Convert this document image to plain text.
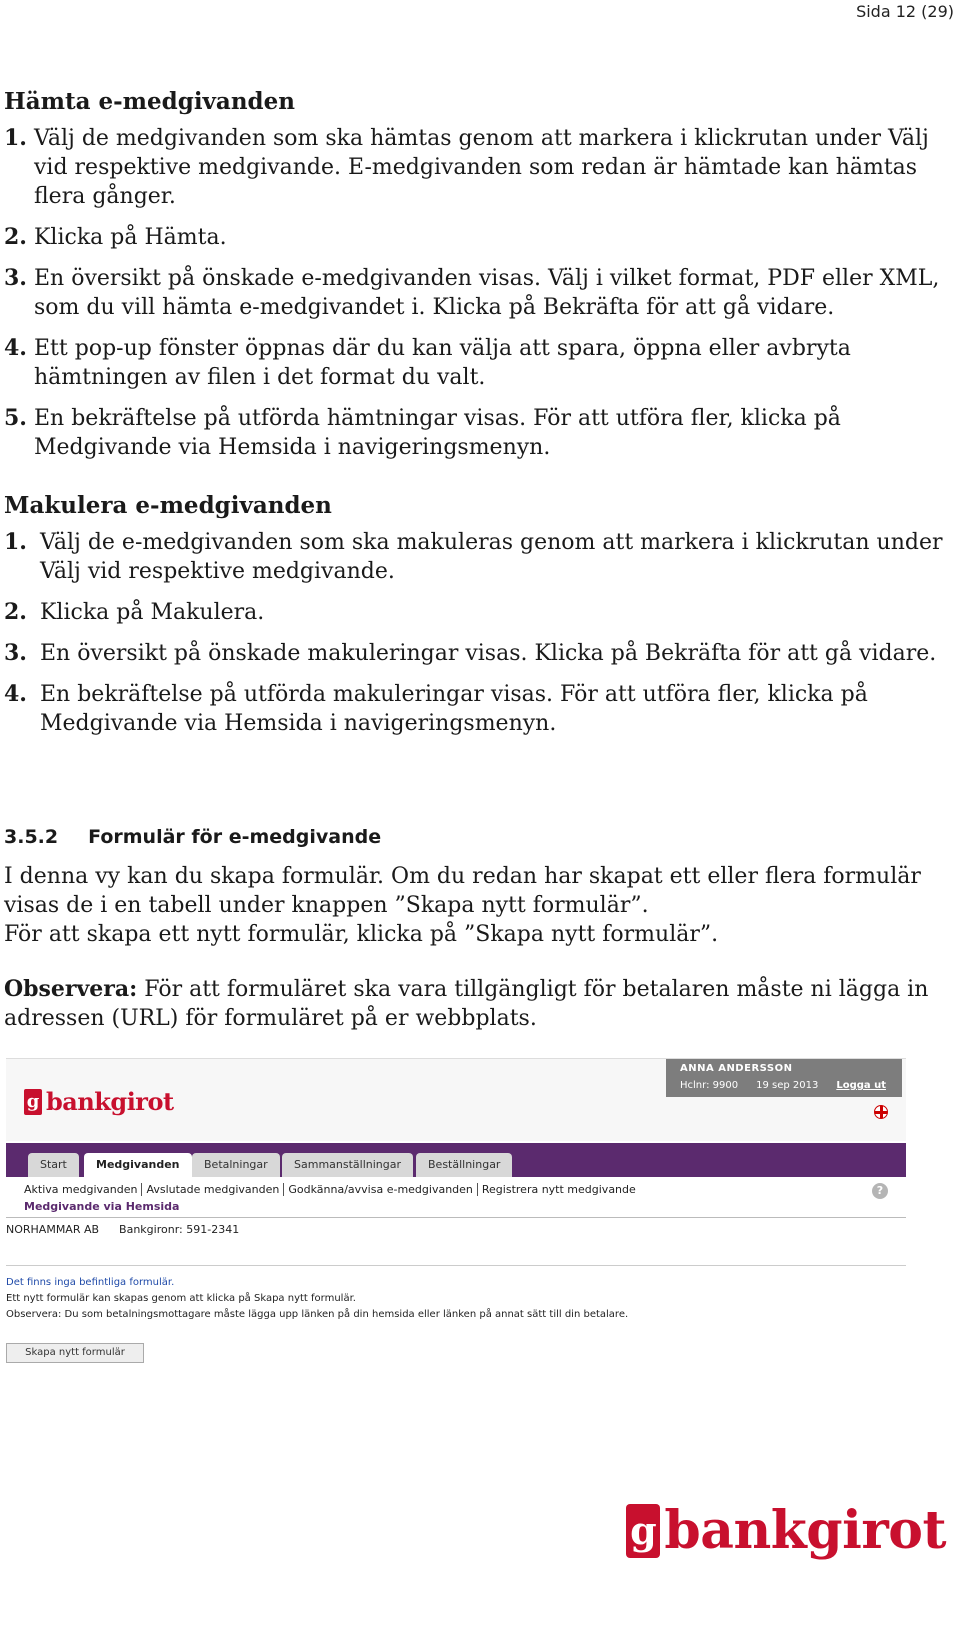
Sida 12 (29)
Hämta e-medgivanden
1. Välj de medgivanden som ska hämtas genom att markera i klickrutan under Välj vid respektive medgivande. E-medgivanden som redan är hämtade kan hämtas flera gånger.
2. Klicka på Hämta.
3. En översikt på önskade e-medgivanden visas. Välj i vilket format, PDF eller XML, som du vill hämta e-medgivandet i. Klicka på Bekräfta för att gå vidare.
4. Ett pop-up fönster öppnas där du kan välja att spara, öppna eller avbryta hämtningen av filen i det format du valt.
5. En bekräftelse på utförda hämtningar visas. För att utföra fler, klicka på Medgivande via Hemsida i navigeringsmenyn.
Makulera e-medgivanden
1. Välj de e-medgivanden som ska makuleras genom att markera i klickrutan under Välj vid respektive medgivande.
2. Klicka på Makulera.
3. En översikt på önskade makuleringar visas. Klicka på Bekräfta för att gå vidare.
4. En bekräftelse på utförda makuleringar visas. För att utföra fler, klicka på Medgivande via Hemsida i navigeringsmenyn.
3.5.2 Formulär för e-medgivande

I denna vy kan du skapa formulär. Om du redan har skapat ett eller flera formulär visas de i en tabell under knappen ”Skapa nytt formulär”.

För att skapa ett nytt formulär, klicka på ”Skapa nytt formulär”.

Observera: För att formuläret ska vara tillgängligt för betalaren måste ni lägga in adressen (URL) för formuläret på er webbplats.

g bankgirot
ANNA ANDERSSON
Hclnr: 9900 19 sep 2013 Logga ut
Start	Medgivanden	Betalningar	Sammanställningar	Beställningar
Aktiva medgivanden Avslutade medgivanden Godkänna/avvisa e-medgivanden Registrera nytt medgivande
Medgivande via Hemsida
?
NORHAMMAR AB Bankgironr: 591-2341
Det finns inga befintliga formulär.
Ett nytt formulär kan skapas genom att klicka på Skapa nytt formulär.
Observera: Du som betalningsmottagare måste lägga upp länken på din hemsida eller länken på annat sätt till din betalare.
Skapa nytt formulär
g bankgirot
